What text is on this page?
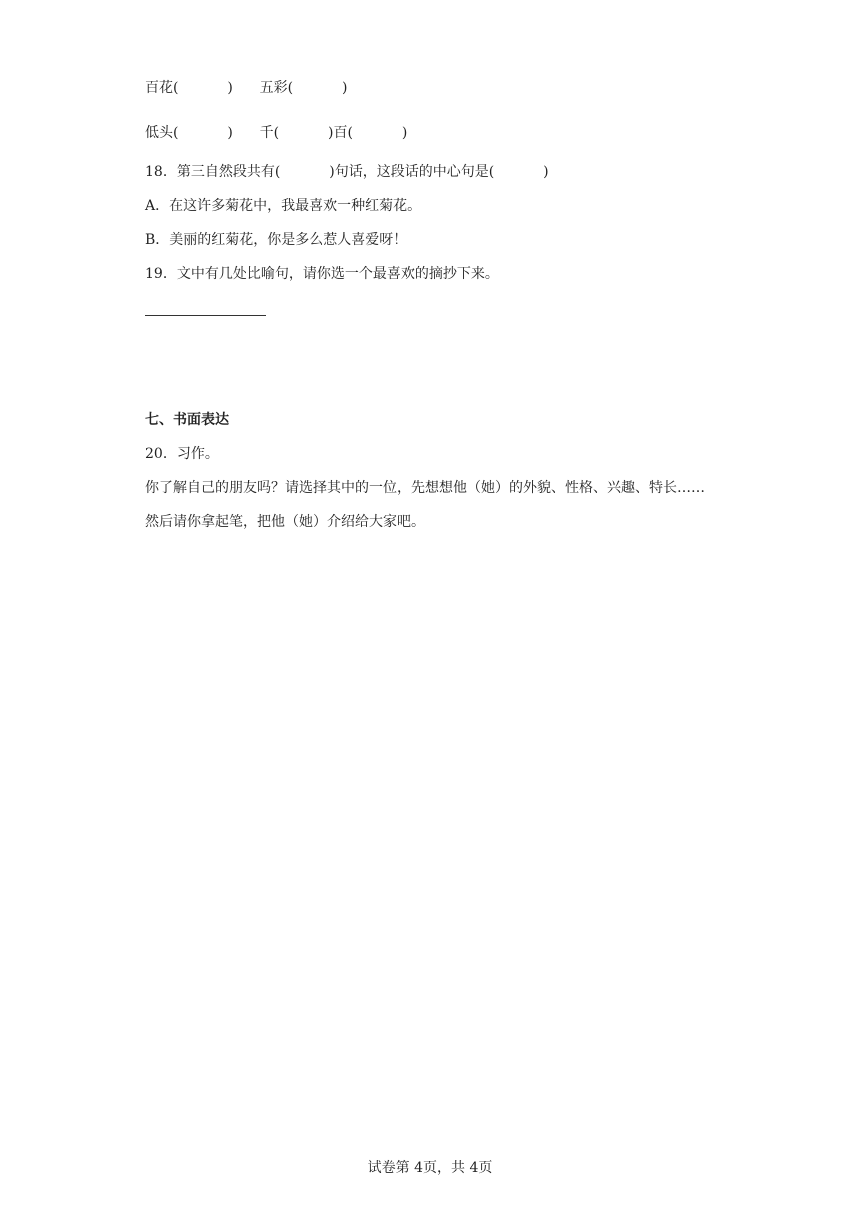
百花(           )      五彩(           )
低头(           )      千(           )百(           )
18．第三自然段共有(           )句话，这段话的中心句是(           )
A．在这许多菊花中，我最喜欢一种红菊花。
B．美丽的红菊花，你是多么惹人喜爱呀！
19．文中有几处比喻句，请你选一个最喜欢的摘抄下来。
七、书面表达
20．习作。
你了解自己的朋友吗？请选择其中的一位，先想想他（她）的外貌、性格、兴趣、特长……
然后请你拿起笔，把他（她）介绍给大家吧。
试卷第 4页，共 4页
